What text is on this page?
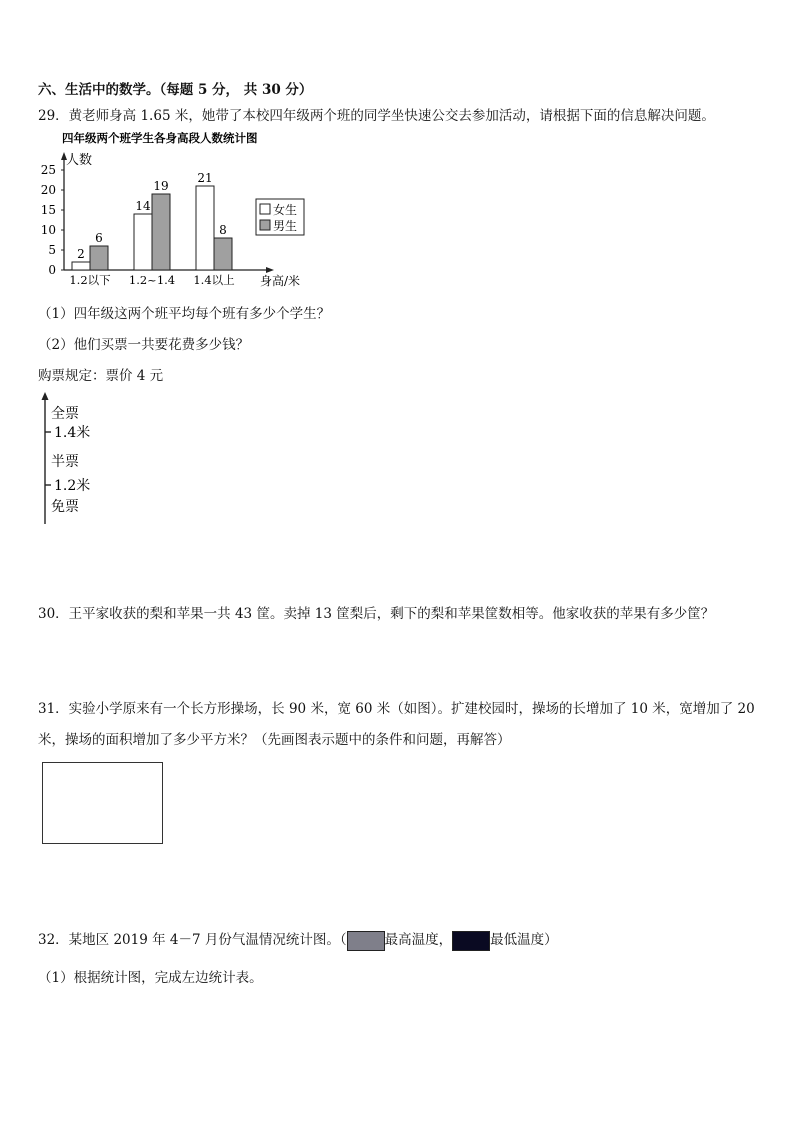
六、生活中的数学。（每题 5 分， 共 30 分）
29．黄老师身高 1.65 米，她带了本校四年级两个班的同学坐快速公交去参加活动，请根据下面的信息解决问题。
四年级两个班学生各身高段人数统计图
人数
身高/米
0
5
10
15
20
25
2
6
1.2以下
14
19
1.2~1.4
21
8
1.4以上
女生
男生
（1）四年级这两个班平均每个班有多少个学生？
（2）他们买票一共要花费多少钱？
购票规定：票价 4 元
全票
1.4米
半票
1.2米
免票
30．王平家收获的梨和苹果一共 43 筐。卖掉 13 筐梨后，剩下的梨和苹果筐数相等。他家收获的苹果有多少筐？
31．实验小学原来有一个长方形操场，长 90 米，宽 60 米（如图）。扩建校园时，操场的长增加了 10 米，宽增加了 20
米，操场的面积增加了多少平方米？（先画图表示题中的条件和问题，再解答）
32．某地区 2019 年 4－7 月份气温情况统计图。（	最高温度，	最低温度）
（1）根据统计图，完成左边统计表。
